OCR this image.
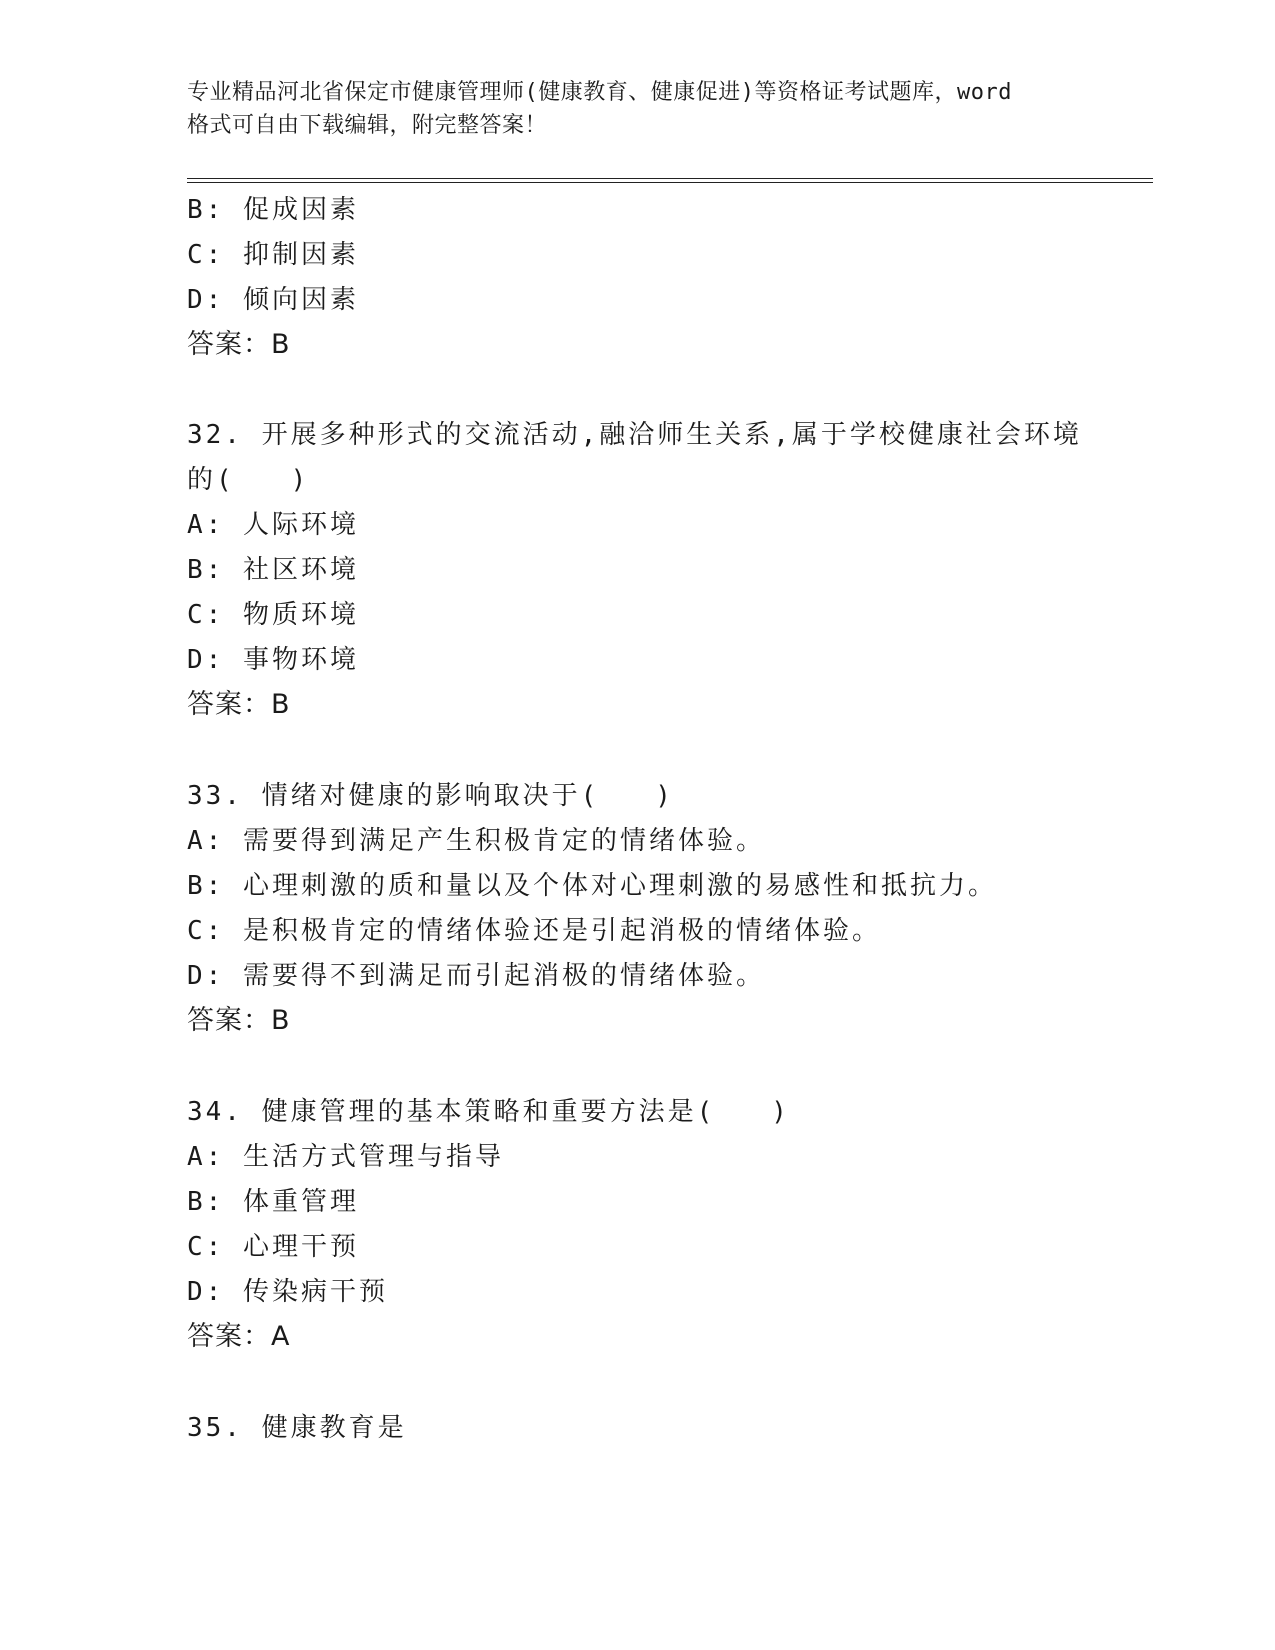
专业精品河北省保定市健康管理师(健康教育、健康促进)等资格证考试题库，word
格式可自由下载编辑，附完整答案！
B: 促成因素
C: 抑制因素
D: 倾向因素
答案：B
32. 开展多种形式的交流活动,融洽师生关系,属于学校健康社会环境
的(   )
A: 人际环境
B: 社区环境
C: 物质环境
D: 事物环境
答案：B
33. 情绪对健康的影响取决于(   )
A: 需要得到满足产生积极肯定的情绪体验。
B: 心理刺激的质和量以及个体对心理刺激的易感性和抵抗力。
C: 是积极肯定的情绪体验还是引起消极的情绪体验。
D: 需要得不到满足而引起消极的情绪体验。
答案：B
34. 健康管理的基本策略和重要方法是(   )
A: 生活方式管理与指导
B: 体重管理
C: 心理干预
D: 传染病干预
答案：A
35. 健康教育是
